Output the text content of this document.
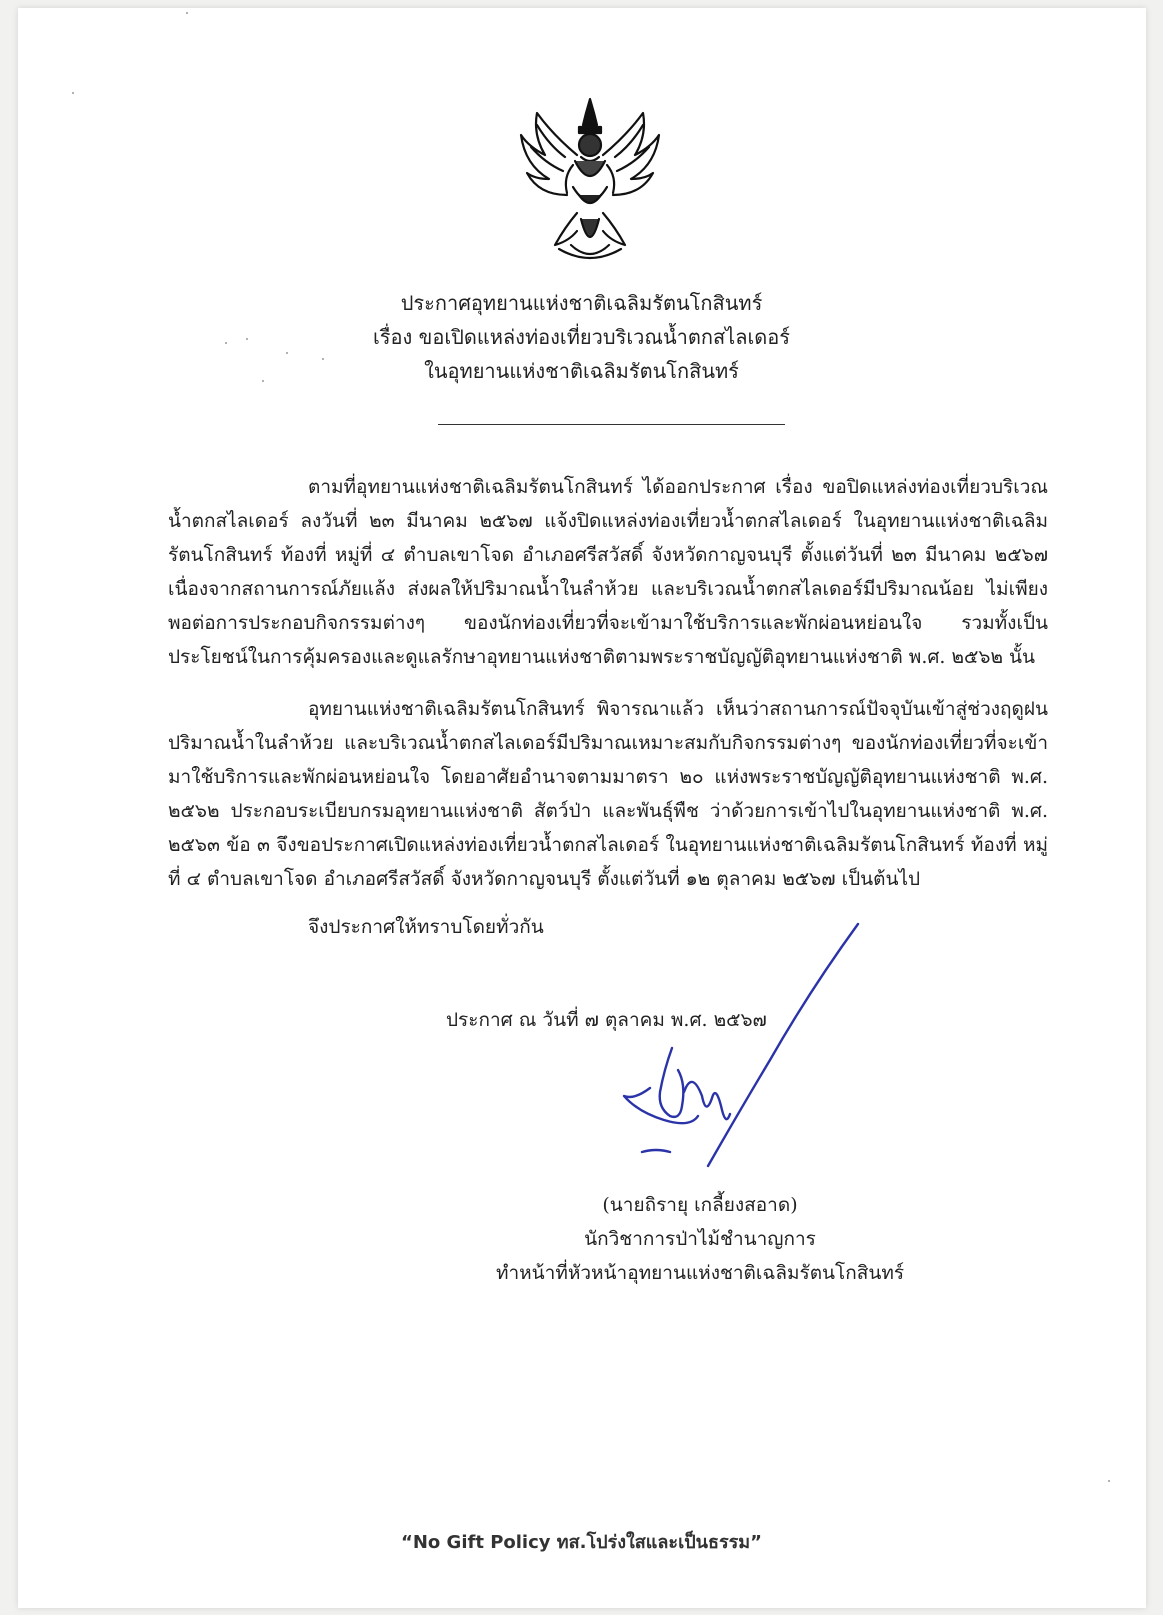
ประกาศอุทยานแห่งชาติเฉลิมรัตนโกสินทร์
เรื่อง ขอเปิดแหล่งท่องเที่ยวบริเวณน้ำตกสไลเดอร์
ในอุทยานแห่งชาติเฉลิมรัตนโกสินทร์

ตามที่อุทยานแห่งชาติเฉลิมรัตนโกสินทร์ ได้ออกประกาศ เรื่อง ขอปิดแหล่งท่องเที่ยวบริเวณน้ำตกสไลเดอร์ ลงวันที่ ๒๓ มีนาคม ๒๕๖๗ แจ้งปิดแหล่งท่องเที่ยวน้ำตกสไลเดอร์ ในอุทยานแห่งชาติเฉลิมรัตนโกสินทร์ ท้องที่ หมู่ที่ ๔ ตำบลเขาโจด อำเภอศรีสวัสดิ์ จังหวัดกาญจนบุรี ตั้งแต่วันที่ ๒๓ มีนาคม ๒๕๖๗ เนื่องจากสถานการณ์ภัยแล้ง ส่งผลให้ปริมาณน้ำในลำห้วย และบริเวณน้ำตกสไลเดอร์มีปริมาณน้อย ไม่เพียงพอต่อการประกอบกิจกรรมต่างๆ ของนักท่องเที่ยวที่จะเข้ามาใช้บริการและพักผ่อนหย่อนใจ รวมทั้งเป็นประโยชน์ในการคุ้มครองและดูแลรักษาอุทยานแห่งชาติตามพระราชบัญญัติอุทยานแห่งชาติ พ.ศ. ๒๕๖๒ นั้น

อุทยานแห่งชาติเฉลิมรัตนโกสินทร์ พิจารณาแล้ว เห็นว่าสถานการณ์ปัจจุบันเข้าสู่ช่วงฤดูฝน ปริมาณน้ำในลำห้วย และบริเวณน้ำตกสไลเดอร์มีปริมาณเหมาะสมกับกิจกรรมต่างๆ ของนักท่องเที่ยวที่จะเข้ามาใช้บริการและพักผ่อนหย่อนใจ โดยอาศัยอำนาจตามมาตรา ๒๐ แห่งพระราชบัญญัติอุทยานแห่งชาติ พ.ศ. ๒๕๖๒ ประกอบระเบียบกรมอุทยานแห่งชาติ สัตว์ป่า และพันธุ์พืช ว่าด้วยการเข้าไปในอุทยานแห่งชาติ พ.ศ. ๒๕๖๓ ข้อ ๓ จึงขอประกาศเปิดแหล่งท่องเที่ยวน้ำตกสไลเดอร์ ในอุทยานแห่งชาติเฉลิมรัตนโกสินทร์ ท้องที่ หมู่ที่ ๔ ตำบลเขาโจด อำเภอศรีสวัสดิ์ จังหวัดกาญจนบุรี ตั้งแต่วันที่ ๑๒ ตุลาคม ๒๕๖๗ เป็นต้นไป

จึงประกาศให้ทราบโดยทั่วกัน
ประกาศ ณ วันที่ ๗ ตุลาคม พ.ศ. ๒๕๖๗
(นายถิรายุ เกลี้ยงสอาด)
นักวิชาการป่าไม้ชำนาญการ
ทำหน้าที่หัวหน้าอุทยานแห่งชาติเฉลิมรัตนโกสินทร์
“No Gift Policy ทส.โปร่งใสและเป็นธรรม”
